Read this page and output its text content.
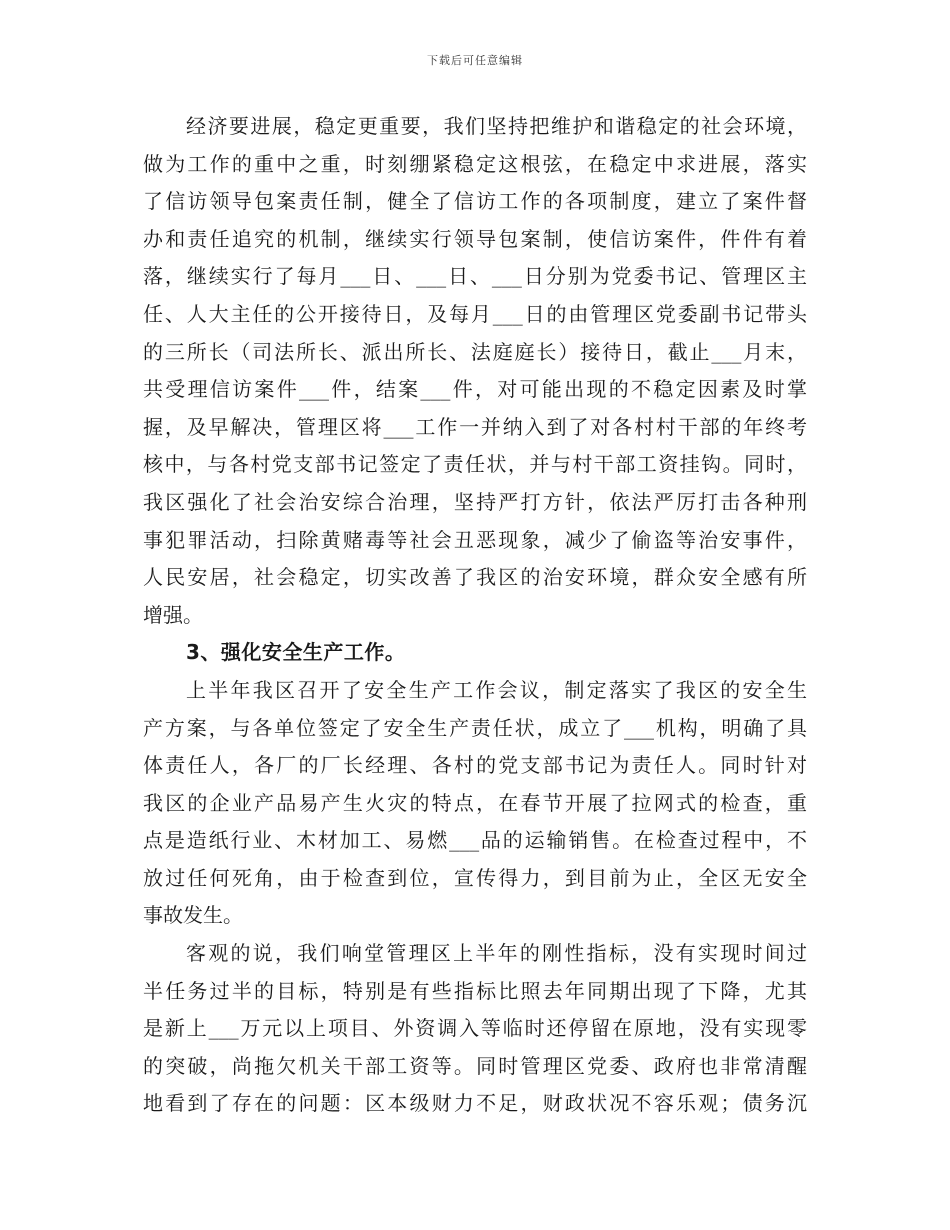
下载后可任意编辑
经济要进展，稳定更重要，我们坚持把维护和谐稳定的社会环境，
做为工作的重中之重，时刻绷紧稳定这根弦，在稳定中求进展，落实
了信访领导包案责任制，健全了信访工作的各项制度，建立了案件督
办和责任追究的机制，继续实行领导包案制，使信访案件，件件有着
落，继续实行了每月___日、___日、___日分别为党委书记、管理区主
任、人大主任的公开接待日，及每月___日的由管理区党委副书记带头
的三所长（司法所长、派出所长、法庭庭长）接待日，截止___月末，
共受理信访案件___件，结案___件，对可能出现的不稳定因素及时掌
握，及早解决，管理区将___工作一并纳入到了对各村村干部的年终考
核中，与各村党支部书记签定了责任状，并与村干部工资挂钩。同时，
我区强化了社会治安综合治理，坚持严打方针，依法严厉打击各种刑
事犯罪活动，扫除黄赌毒等社会丑恶现象，减少了偷盗等治安事件，
人民安居，社会稳定，切实改善了我区的治安环境，群众安全感有所
增强。
3、强化安全生产工作。
上半年我区召开了安全生产工作会议，制定落实了我区的安全生
产方案，与各单位签定了安全生产责任状，成立了___机构，明确了具
体责任人，各厂的厂长经理、各村的党支部书记为责任人。同时针对
我区的企业产品易产生火灾的特点，在春节开展了拉网式的检查，重
点是造纸行业、木材加工、易燃___品的运输销售。在检查过程中，不
放过任何死角，由于检查到位，宣传得力，到目前为止，全区无安全
事故发生。
客观的说，我们响堂管理区上半年的刚性指标，没有实现时间过
半任务过半的目标，特别是有些指标比照去年同期出现了下降，尤其
是新上___万元以上项目、外资调入等临时还停留在原地，没有实现零
的突破，尚拖欠机关干部工资等。同时管理区党委、政府也非常清醒
地看到了存在的问题：区本级财力不足，财政状况不容乐观；债务沉
